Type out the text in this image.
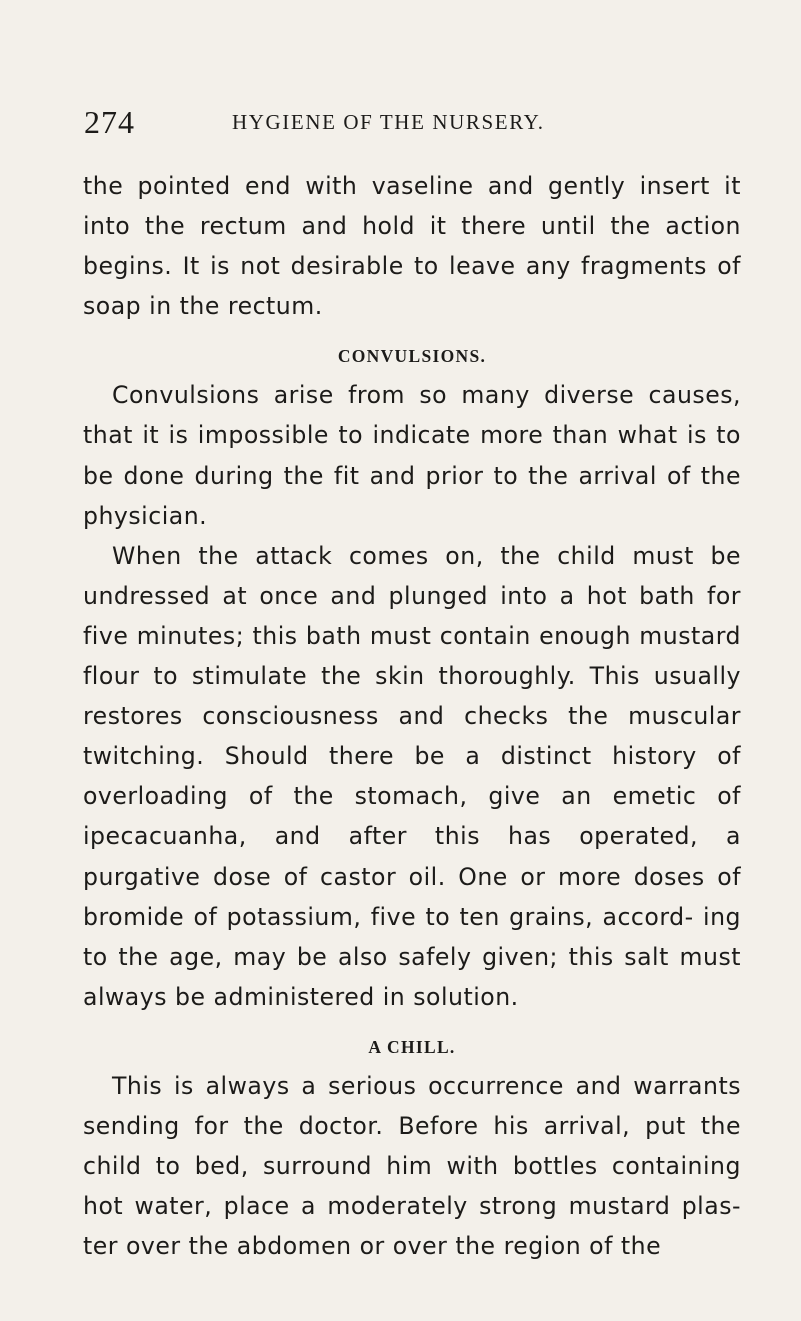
274	HYGIENE OF THE NURSERY.

the pointed end with vaseline and gently insert it into the rectum and hold it there until the action begins. It is not desirable to leave any fragments of soap in the rectum.

CONVULSIONS.

Convulsions arise from so many diverse causes, that it is impossible to indicate more than what is to be done during the fit and prior to the arrival of the physician.

When the attack comes on, the child must be undressed at once and plunged into a hot bath for five minutes; this bath must contain enough mustard flour to stimulate the skin thoroughly. This usually restores consciousness and checks the muscular twitching. Should there be a distinct history of overloading of the stomach, give an emetic of ipecacuanha, and after this has operated, a purgative dose of castor oil. One or more doses of bromide of potassium, five to ten grains, accord- ing to the age, may be also safely given; this salt must always be administered in solution.

A CHILL.

This is always a serious occurrence and warrants sending for the doctor. Before his arrival, put the child to bed, surround him with bottles containing hot water, place a moderately strong mustard plas- ter over the abdomen or over the region of the
